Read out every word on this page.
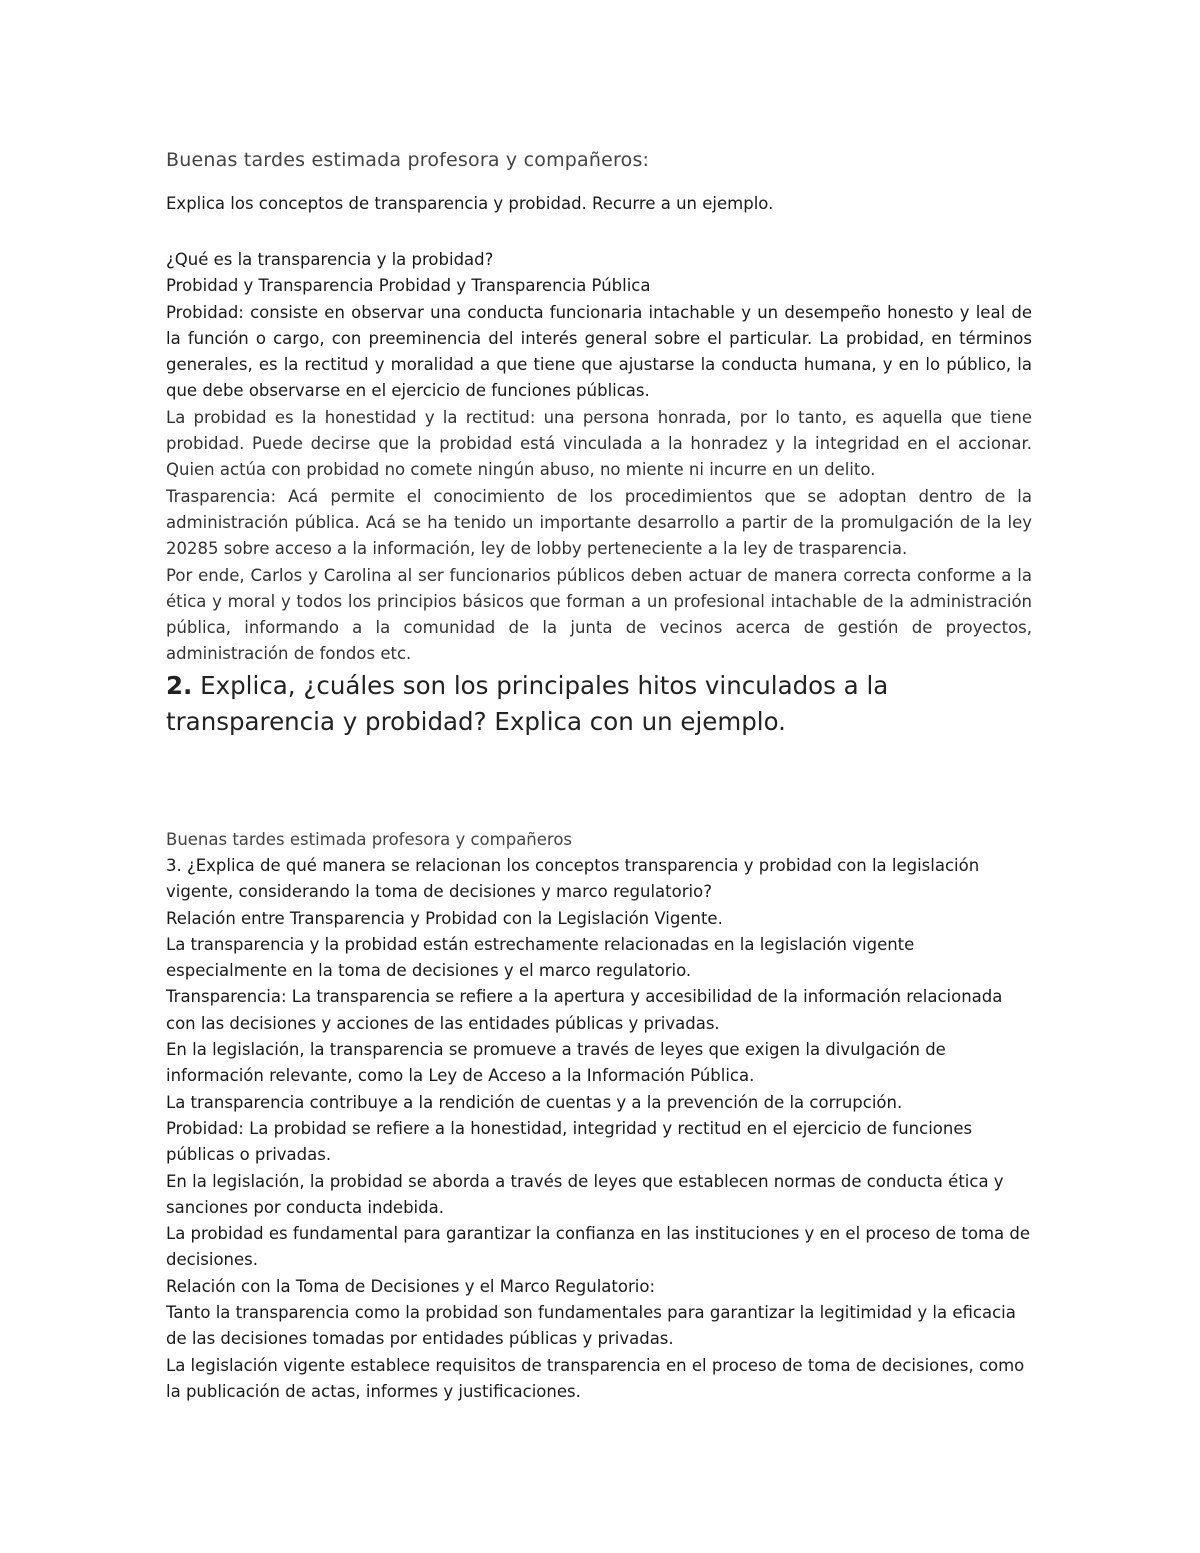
Buenas tardes estimada profesora y compañeros:
Explica los conceptos de transparencia y probidad. Recurre a un ejemplo.

¿Qué es la transparencia y la probidad?

Probidad y Transparencia Probidad y Transparencia Pública

Probidad: consiste en observar una conducta funcionaria intachable y un desempeño honesto y leal de la función o cargo, con preeminencia del interés general sobre el particular. La probidad, en términos generales, es la rectitud y moralidad a que tiene que ajustarse la conducta humana, y en lo público, la que debe observarse en el ejercicio de funciones públicas.

La probidad es la honestidad y la rectitud: una persona honrada, por lo tanto, es aquella que tiene probidad. Puede decirse que la probidad está vinculada a la honradez y la integridad en el accionar. Quien actúa con probidad no comete ningún abuso, no miente ni incurre en un delito.

Trasparencia: Acá permite el conocimiento de los procedimientos que se adoptan dentro de la administración pública. Acá se ha tenido un importante desarrollo a partir de la promulgación de la ley 20285 sobre acceso a la información, ley de lobby perteneciente a la ley de trasparencia.

Por ende, Carlos y Carolina al ser funcionarios públicos deben actuar de manera correcta conforme a la ética y moral y todos los principios básicos que forman a un profesional intachable de la administración pública, informando a la comunidad de la junta de vecinos acerca de gestión de proyectos, administración de fondos etc.

2. Explica, ¿cuáles son los principales hitos vinculados a la transparencia y probidad? Explica con un ejemplo.
Buenas tardes estimada profesora y compañeros

3. ¿Explica de qué manera se relacionan los conceptos transparencia y probidad con la legislación vigente, considerando la toma de decisiones y marco regulatorio?

Relación entre Transparencia y Probidad con la Legislación Vigente.

La transparencia y la probidad están estrechamente relacionadas en la legislación vigente especialmente en la toma de decisiones y el marco regulatorio.

Transparencia: La transparencia se refiere a la apertura y accesibilidad de la información relacionada con las decisiones y acciones de las entidades públicas y privadas.

En la legislación, la transparencia se promueve a través de leyes que exigen la divulgación de información relevante, como la Ley de Acceso a la Información Pública.

La transparencia contribuye a la rendición de cuentas y a la prevención de la corrupción.

Probidad: La probidad se refiere a la honestidad, integridad y rectitud en el ejercicio de funciones públicas o privadas.

En la legislación, la probidad se aborda a través de leyes que establecen normas de conducta ética y sanciones por conducta indebida.

La probidad es fundamental para garantizar la confianza en las instituciones y en el proceso de toma de decisiones.

Relación con la Toma de Decisiones y el Marco Regulatorio:

Tanto la transparencia como la probidad son fundamentales para garantizar la legitimidad y la eficacia de las decisiones tomadas por entidades públicas y privadas.

La legislación vigente establece requisitos de transparencia en el proceso de toma de decisiones, como la publicación de actas, informes y justificaciones.
